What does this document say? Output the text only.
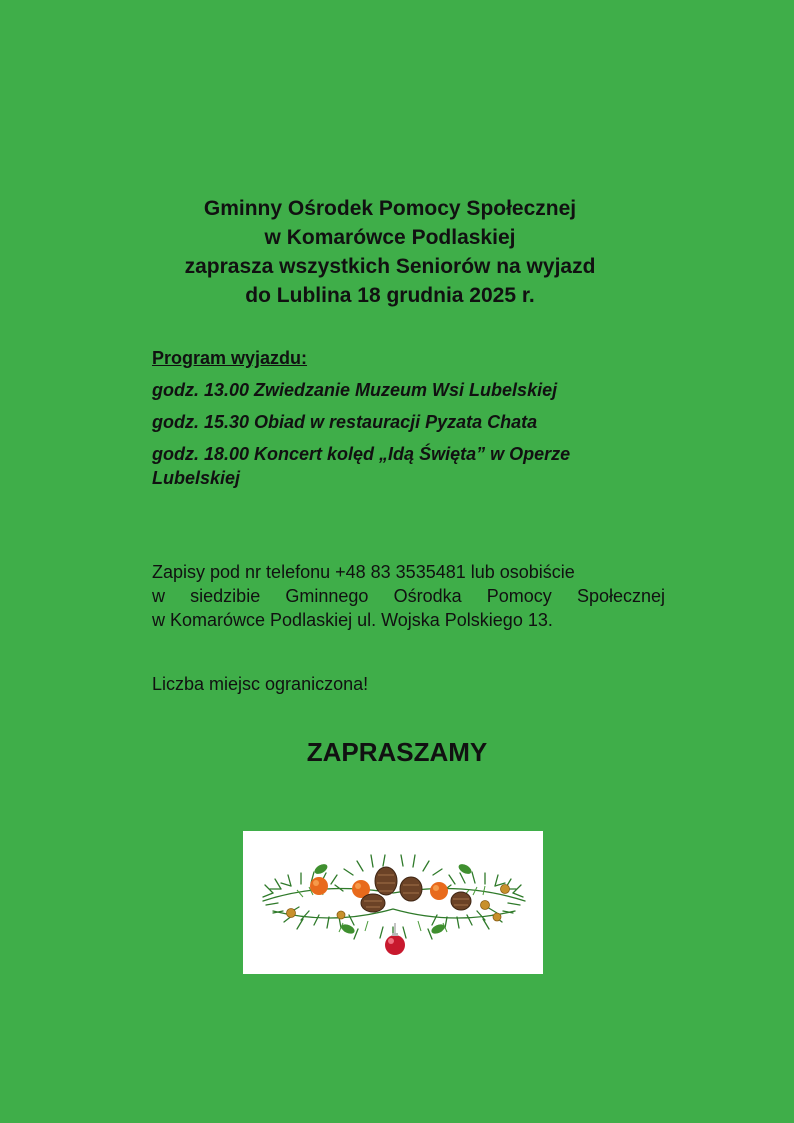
Gminny Ośrodek Pomocy Społecznej
w Komarówce Podlaskiej
zaprasza wszystkich Seniorów na wyjazd
do Lublina 18 grudnia 2025 r.
Program wyjazdu:
godz. 13.00 Zwiedzanie Muzeum Wsi Lubelskiej
godz. 15.30 Obiad w restauracji Pyzata Chata
godz. 18.00 Koncert kolęd „Idą Święta” w Operze Lubelskiej
Zapisy pod nr telefonu +48 83 3535481 lub osobiście
w siedzibie Gminnego Ośrodka Pomocy Społecznej
w Komarówce Podlaskiej ul. Wojska Polskiego 13.
Liczba miejsc ograniczona!
ZAPRASZAMY
